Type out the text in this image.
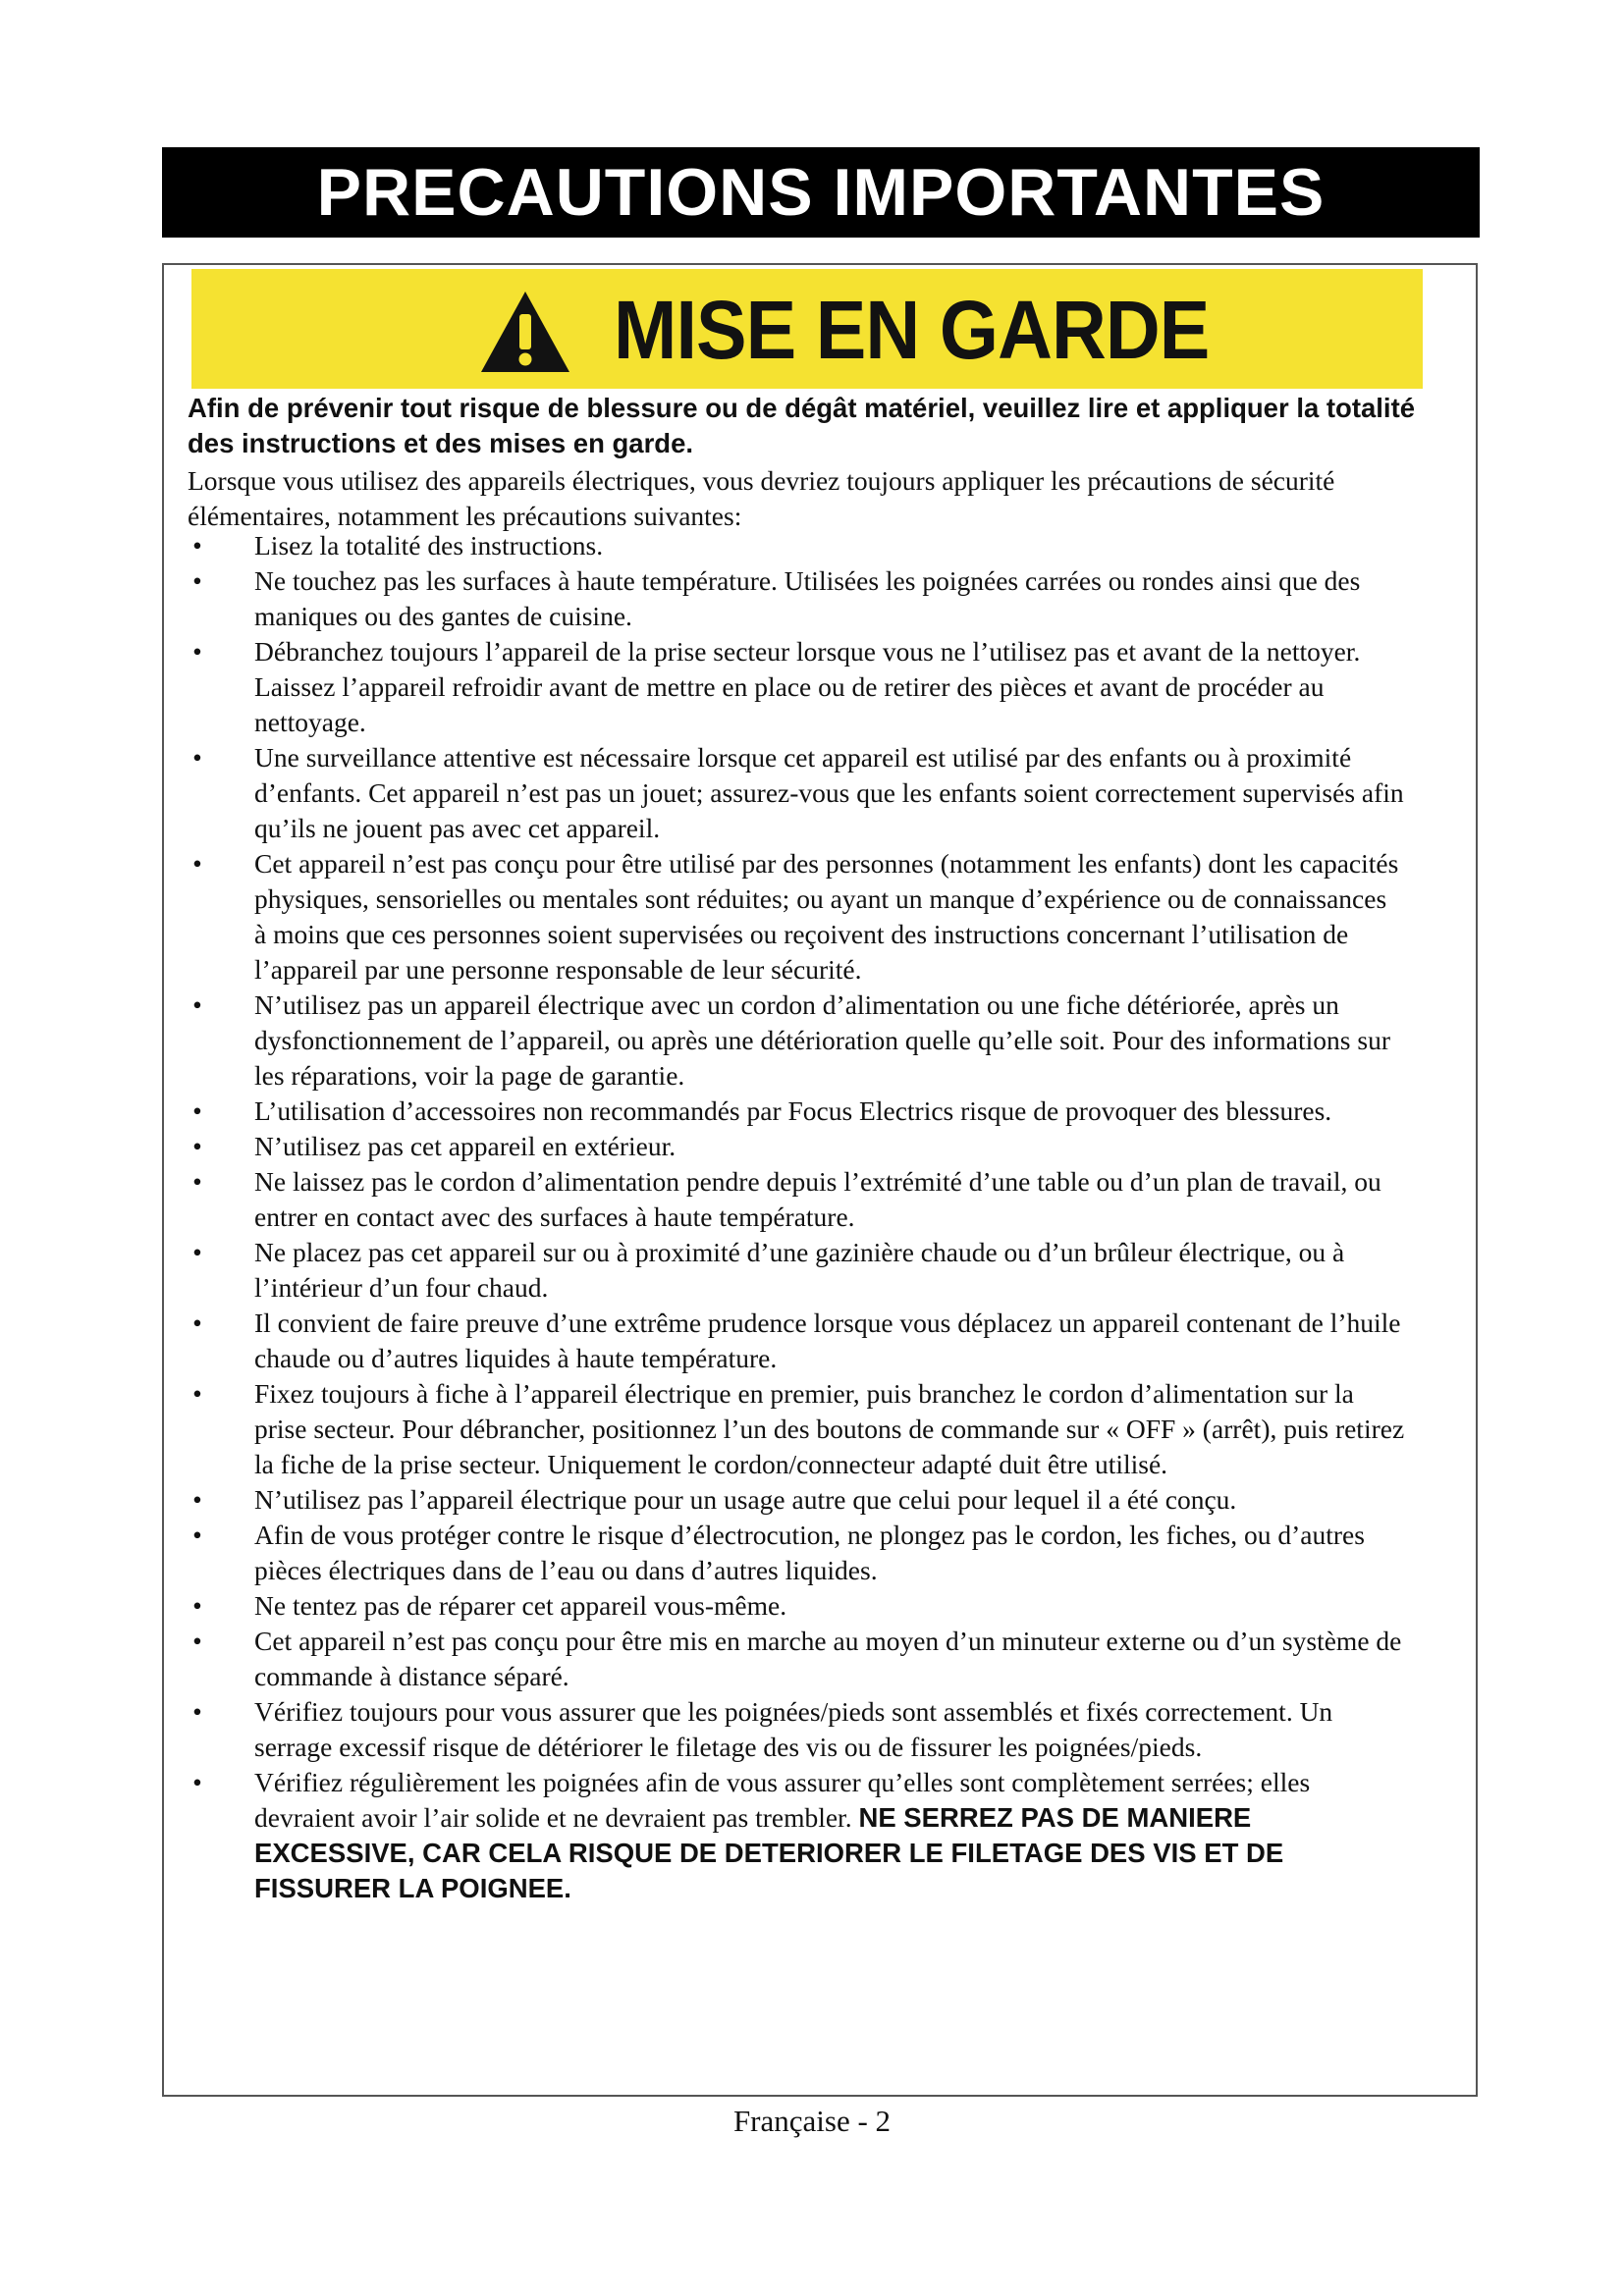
PRECAUTIONS IMPORTANTES
MISE EN GARDE
Afin de prévenir tout risque de blessure ou de dégât matériel, veuillez lire et appliquer la totalité des instructions et des mises en garde.
Lorsque vous utilisez des appareils électriques, vous devriez toujours appliquer les précautions de sécurité élémentaires, notamment les précautions suivantes:
• Lisez la totalité des instructions.
• Ne touchez pas les surfaces à haute température. Utilisées les poignées carrées ou rondes ainsi que des maniques ou des gantes de cuisine.
• Débranchez toujours l’appareil de la prise secteur lorsque vous ne l’utilisez pas et avant de la nettoyer. Laissez l’appareil refroidir avant de mettre en place ou de retirer des pièces et avant de procéder au nettoyage.
• Une surveillance attentive est nécessaire lorsque cet appareil est utilisé par des enfants ou à proximité d’enfants. Cet appareil n’est pas un jouet; assurez-vous que les enfants soient correctement supervisés afin qu’ils ne jouent pas avec cet appareil.
• Cet appareil n’est pas conçu pour être utilisé par des personnes (notamment les enfants) dont les capacités physiques, sensorielles ou mentales sont réduites; ou ayant un manque d’expérience ou de connaissances à moins que ces personnes soient supervisées ou reçoivent des instructions concernant l’utilisation de l’appareil par une personne responsable de leur sécurité.
• N’utilisez pas un appareil électrique avec un cordon d’alimentation ou une fiche détériorée, après un dysfonctionnement de l’appareil, ou après une détérioration quelle qu’elle soit. Pour des informations sur les réparations, voir la page de garantie.
• L’utilisation d’accessoires non recommandés par Focus Electrics risque de provoquer des blessures.
• N’utilisez pas cet appareil en extérieur.
• Ne laissez pas le cordon d’alimentation pendre depuis l’extrémité d’une table ou d’un plan de travail, ou entrer en contact avec des surfaces à haute température.
• Ne placez pas cet appareil sur ou à proximité d’une gazinière chaude ou d’un brûleur électrique, ou à l’intérieur d’un four chaud.
• Il convient de faire preuve d’une extrême prudence lorsque vous déplacez un appareil contenant de l’huile chaude ou d’autres liquides à haute température.
• Fixez toujours à fiche à l’appareil électrique en premier, puis branchez le cordon d’alimentation sur la prise secteur. Pour débrancher, positionnez l’un des boutons de commande sur « OFF » (arrêt), puis retirez la fiche de la prise secteur. Uniquement le cordon/connecteur adapté duit être utilisé.
• N’utilisez pas l’appareil électrique pour un usage autre que celui pour lequel il a été conçu.
• Afin de vous protéger contre le risque d’électrocution, ne plongez pas le cordon, les fiches, ou d’autres pièces électriques dans de l’eau ou dans d’autres liquides.
• Ne tentez pas de réparer cet appareil vous-même.
• Cet appareil n’est pas conçu pour être mis en marche au moyen d’un minuteur externe ou d’un système de commande à distance séparé.
• Vérifiez toujours pour vous assurer que les poignées/pieds sont assemblés et fixés correctement. Un serrage excessif risque de détériorer le filetage des vis ou de fissurer les poignées/pieds.
• Vérifiez régulièrement les poignées afin de vous assurer qu’elles sont complètement serrées; elles devraient avoir l’air solide et ne devraient pas trembler. NE SERREZ PAS DE MANIERE EXCESSIVE, CAR CELA RISQUE DE DETERIORER LE FILETAGE DES VIS ET DE FISSURER LA POIGNEE.
Française - 2
